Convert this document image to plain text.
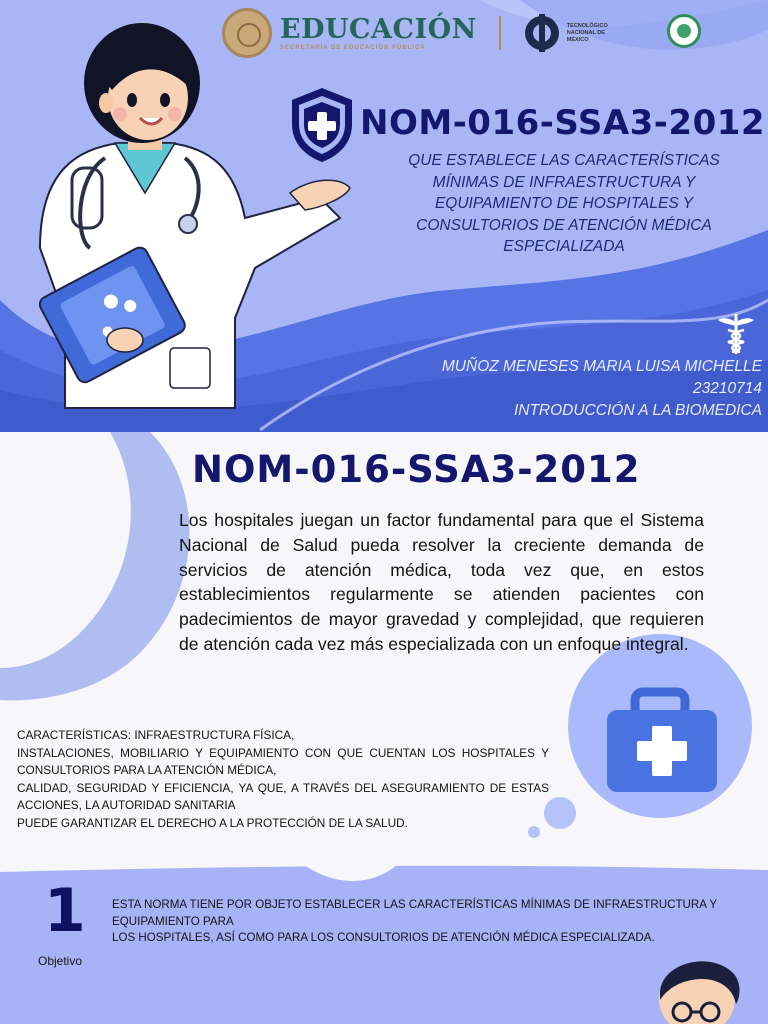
EDUCACIÓN
SECRETARÍA DE EDUCACIÓN PÚBLICA
TECNOLÓGICO NACIONAL DE MÉXICO
NOM-016-SSA3-2012
QUE ESTABLECE LAS CARACTERÍSTICAS MÍNIMAS DE INFRAESTRUCTURA Y EQUIPAMIENTO DE HOSPITALES Y CONSULTORIOS DE ATENCIÓN MÉDICA ESPECIALIZADA
MUÑOZ MENESES MARIA LUISA MICHELLE
23210714
INTRODUCCIÓN A LA BIOMEDICA
NOM-016-SSA3-2012
Los hospitales juegan un factor fundamental para que el Sistema Nacional de Salud pueda resolver la creciente demanda de servicios de atención médica, toda vez que, en estos establecimientos regularmente se atienden pacientes con padecimientos de mayor gravedad y complejidad, que requieren de atención cada vez más especializada con un enfoque integral.

CARACTERÍSTICAS: INFRAESTRUCTURA FÍSICA,

INSTALACIONES, MOBILIARIO Y EQUIPAMIENTO CON QUE CUENTAN LOS HOSPITALES Y CONSULTORIOS PARA LA ATENCIÓN MÉDICA,

CALIDAD, SEGURIDAD Y EFICIENCIA, YA QUE, A TRAVÉS DEL ASEGURAMIENTO DE ESTAS ACCIONES, LA AUTORIDAD SANITARIA

PUEDE GARANTIZAR EL DERECHO A LA PROTECCIÓN DE LA SALUD.

1
Objetivo

ESTA NORMA TIENE POR OBJETO ESTABLECER LAS CARACTERÍSTICAS MÍNIMAS DE INFRAESTRUCTURA Y EQUIPAMIENTO PARA

LOS HOSPITALES, ASÍ COMO PARA LOS CONSULTORIOS DE ATENCIÓN MÉDICA ESPECIALIZADA.
